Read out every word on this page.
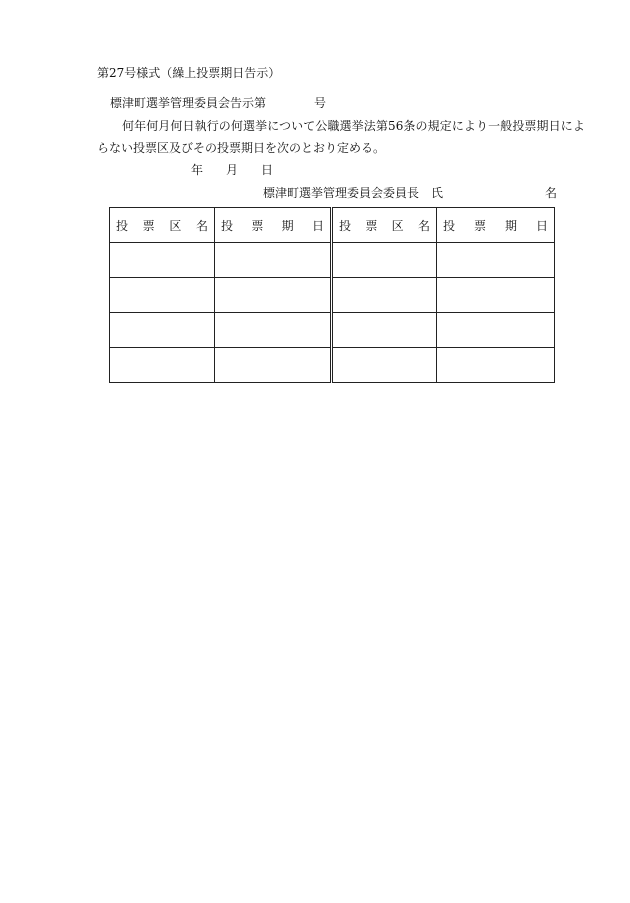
第27号様式（繰上投票期日告示）
標津町選挙管理委員会告示第	号
何年何月何日執行の何選挙について公職選挙法第56条の規定により一般投票期日によ
らない投票区及びその投票期日を次のとおり定める。
年 月 日
標津町選挙管理委員会委員長　氏	名
投 票 区 名	投 票 期 日	投 票 区 名	投 票 期 日
